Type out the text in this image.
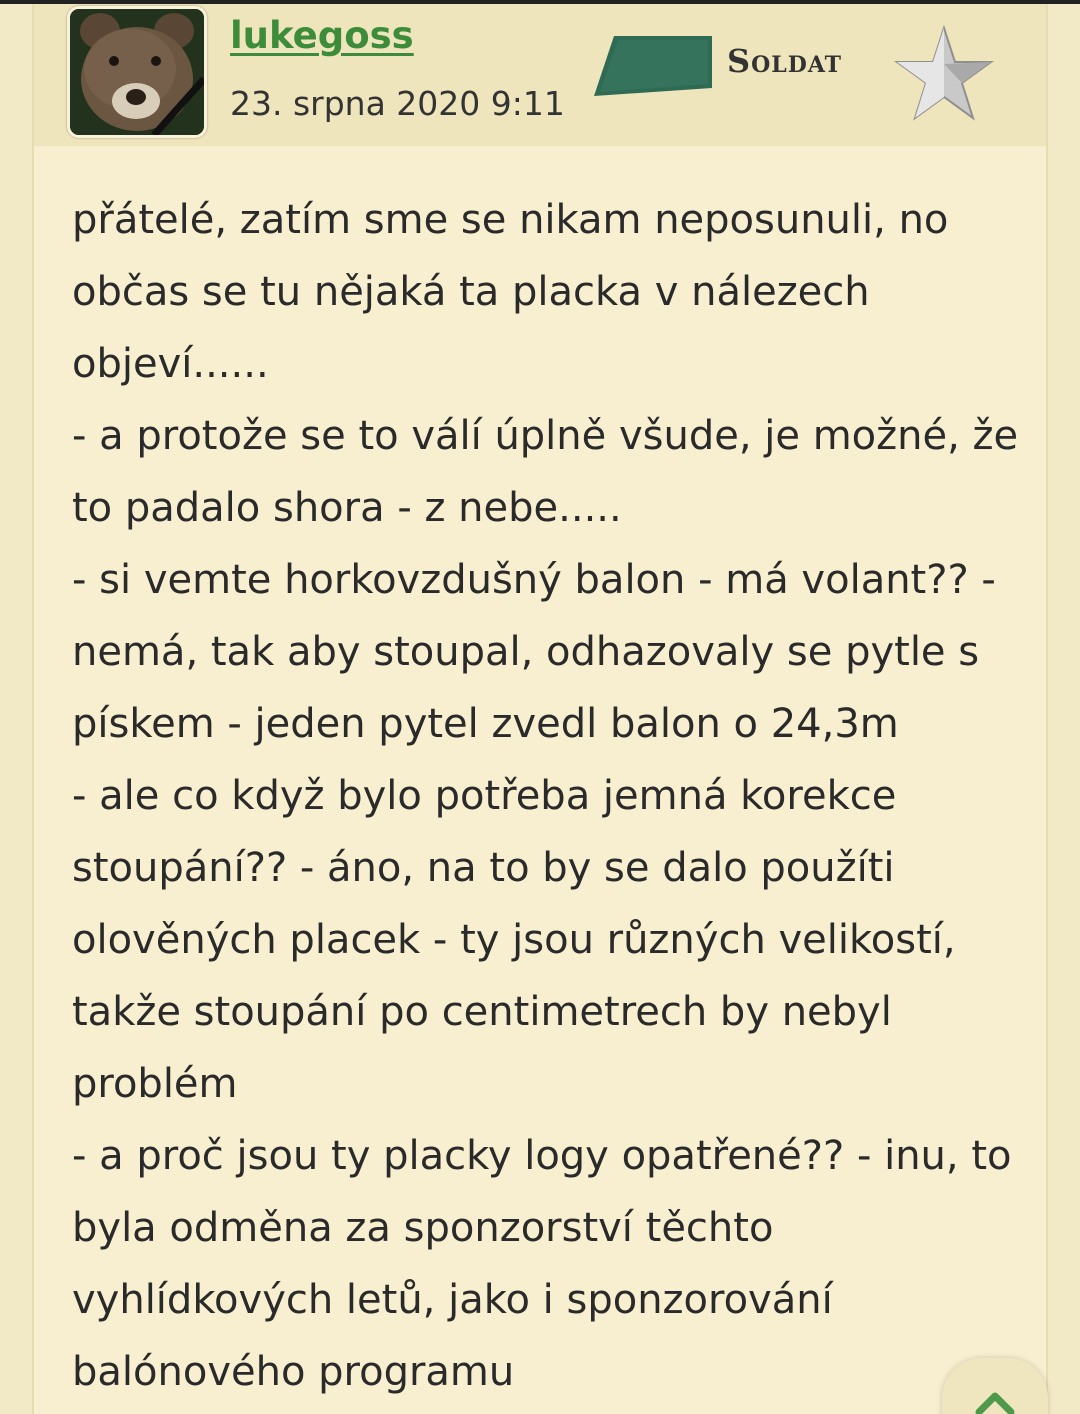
lukegoss
23. srpna 2020 9:11
Soldat

přátelé, zatím sme se nikam neposunuli, no občas se tu nějaká ta placka v nálezech objeví......

- a protože se to válí úplně všude, je možné, že to padalo shora - z nebe.....

- si vemte horkovzdušný balon - má volant?? - nemá, tak aby stoupal, odhazovaly se pytle s pískem - jeden pytel zvedl balon o 24,3m

- ale co když bylo potřeba jemná korekce stoupání?? - áno, na to by se dalo použíti olověných placek - ty jsou různých velikostí, takže stoupání po centimetrech by nebyl problém

- a proč jsou ty placky logy opatřené?? - inu, to byla odměna za sponzorství těchto vyhlídkových letů, jako i sponzorování balónového programu
